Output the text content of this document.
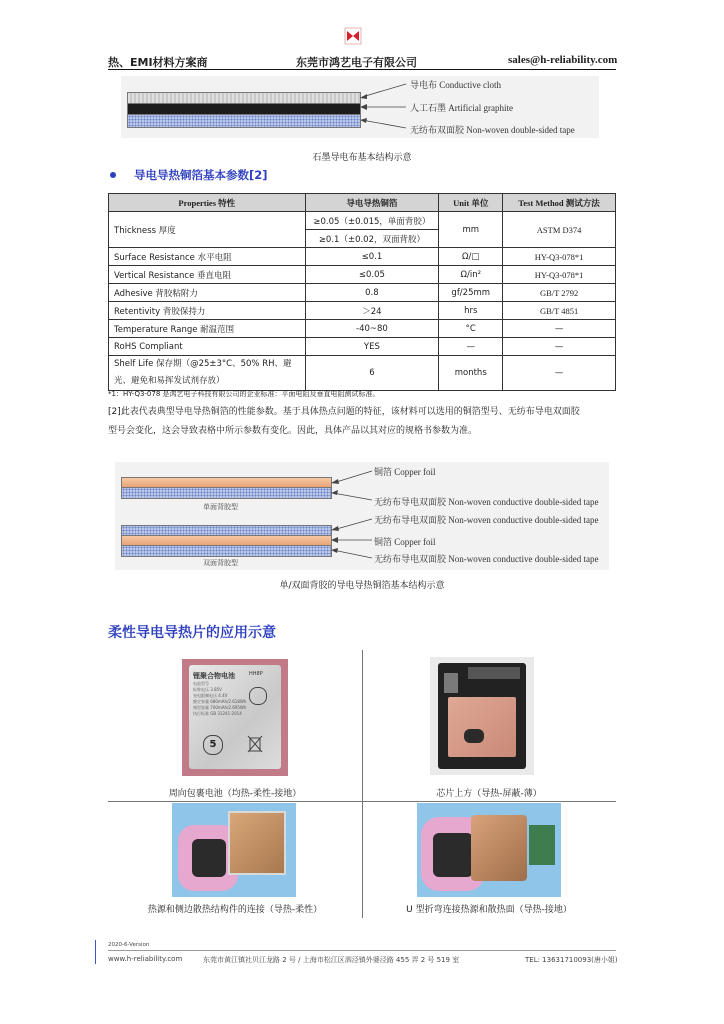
热、EMI材料方案商	东莞市鸿艺电子有限公司	sales@h-reliability.com
导电布 Conductive cloth
人工石墨 Artificial graphite
无纺布双面胶 Non-woven double-sided tape
石墨导电布基本结构示意
导电导热铜箔基本参数[2]
Properties 特性	导电导热铜箔	Unit 单位	Test Method 测试方法
Thickness 厚度	≥0.05（±0.015，单面背胶）	mm	ASTM D374
	≥0.1（±0.02，双面背胶）		
Surface Resistance 水平电阻	≤0.1	Ω/□	HY-Q3-078*1
Vertical Resistance 垂直电阻	≤0.05	Ω/in²	HY-Q3-078*1
Adhesive 背胶粘附力	0.8	gf/25mm	GB/T 2792
Retentivity 背胶保持力	＞24	hrs	GB/T 4851
Temperature Range 耐温范围	-40~80	°C	—
RoHS Compliant	YES	—	—
Shelf Life 保存期（@25±3°C、50% RH、避
光、避免和易挥发试剂存放）	6	months	—
*1：HY-Q3-078 是鸿艺电子科技有限公司的企业标准：平面电阻及垂直电阻测试标准。
[2]此表代表典型导电导热铜箔的性能参数。基于具体热点问题的特征，该材料可以选用的铜箔型号、无纺布导电双面胶
型号会变化，这会导致表格中所示参数有变化。因此，具体产品以其对应的规格书参数为准。
单面背胶型
双面背胶型
铜箔 Copper foil
无纺布导电双面胶 Non-woven conductive double-sided tape
无纺布导电双面胶 Non-woven conductive double-sided tape
铜箔 Copper foil
无纺布导电双面胶 Non-woven conductive double-sided tape
单/双面背胶的导电导热铜箔基本结构示意
柔性导电导热片的应用示意
锂聚合物电池	HH8P
电池型号
标称电压 3.85V
充电限制电压 4.4V
额定容量 680mAh/2.618Wh
典型容量 700mAh/2.695Wh
执行标准 GB 31241-2014
5
周向包裹电池（均热-柔性-接地）	芯片上方（导热-屏蔽-薄）
热源和侧边散热结构件的连接（导热-柔性）	U 型折弯连接热源和散热面（导热-接地）
2020-6-Version
www.h-reliability.com	东莞市黄江镇社贝江龙路 2 号 / 上海市松江区泗泾镇外婆泾路 455 弄 2 号 519 室	TEL: 13631710093(唐小姐)
